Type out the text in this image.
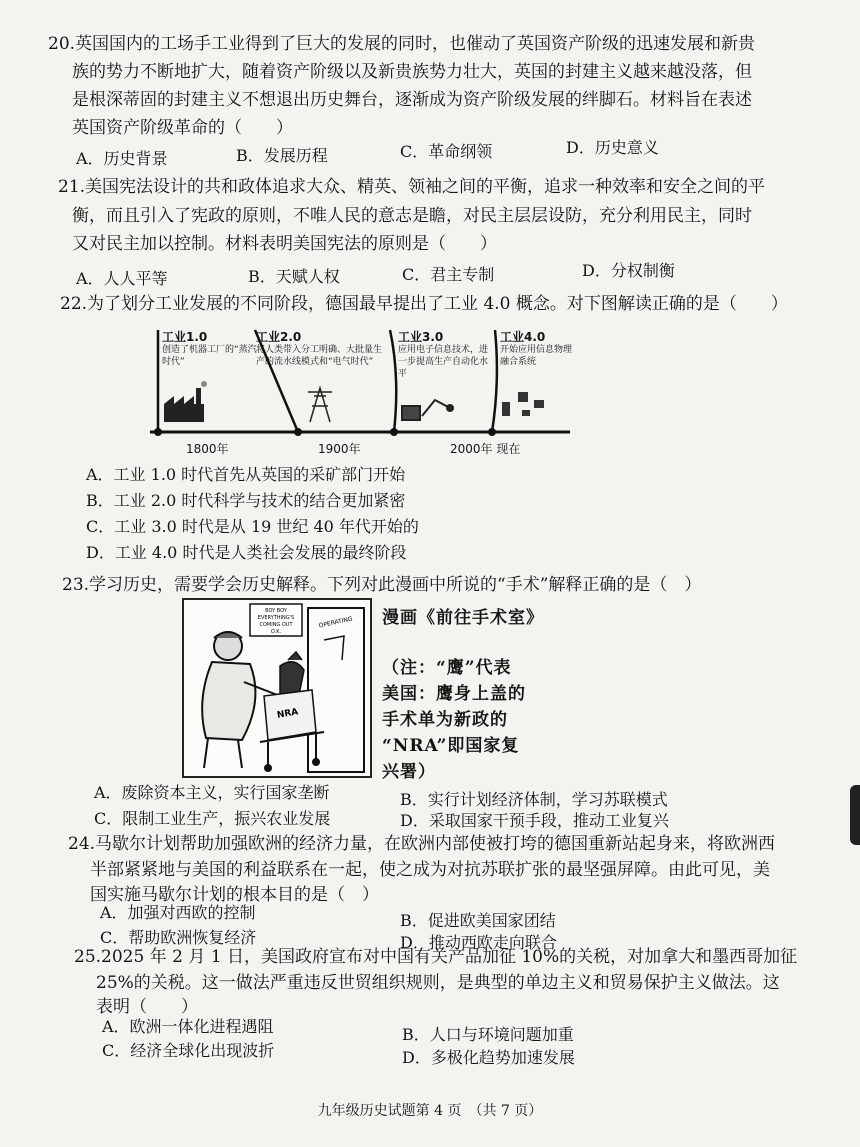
20.英国国内的工场手工业得到了巨大的发展的同时，也催动了英国资产阶级的迅速发展和新贵
族的势力不断地扩大，随着资产阶级以及新贵族势力壮大，英国的封建主义越来越没落，但
是根深蒂固的封建主义不想退出历史舞台，逐渐成为资产阶级发展的绊脚石。材料旨在表述
英国资产阶级革命的（　　）
A．历史背景	B．发展历程	C．革命纲领	D．历史意义
21.美国宪法设计的共和政体追求大众、精英、领袖之间的平衡，追求一种效率和安全之间的平
衡，而且引入了宪政的原则，不唯人民的意志是瞻，对民主层层设防，充分利用民主，同时
又对民主加以控制。材料表明美国宪法的原则是（　　）
A．人人平等	B．天赋人权	C．君主专制	D．分权制衡
22.为了划分工业发展的不同阶段，德国最早提出了工业 4.0 概念。对下图解读正确的是（　　）
工业1.0
创造了机器工厂的“蒸汽时代”
工业2.0
将人类带入分工明确、大批量生产的流水线模式和“电气时代”
工业3.0
应用电子信息技术，进一步提高生产自动化水平
工业4.0
开始应用信息物理融合系统
1800年	1900年	2000年 现在
A．工业 1.0 时代首先从英国的采矿部门开始
B．工业 2.0 时代科学与技术的结合更加紧密
C．工业 3.0 时代是从 19 世纪 40 年代开始的
D．工业 4.0 时代是人类社会发展的最终阶段
23.学习历史，需要学会历史解释。下列对此漫画中所说的“手术”解释正确的是（　）
BOY BOY
EVERYTHING'S
COMING OUT
O.K.
OPERATING
NRA
漫画《前往手术室》
（注：“鹰”代表
美国：鹰身上盖的
手术单为新政的
“NRA”即国家复
兴署）
A．废除资本主义，实行国家垄断	B．实行计划经济体制，学习苏联模式
C．限制工业生产，振兴农业发展	D．采取国家干预手段，推动工业复兴
24.马歇尔计划帮助加强欧洲的经济力量，在欧洲内部使被打垮的德国重新站起身来，将欧洲西
半部紧紧地与美国的利益联系在一起，使之成为对抗苏联扩张的最坚强屏障。由此可见，美
国实施马歇尔计划的根本目的是（　）
A．加强对西欧的控制	B．促进欧美国家团结
C．帮助欧洲恢复经济	D．推动西欧走向联合
25.2025 年 2 月 1 日，美国政府宣布对中国有关产品加征 10%的关税，对加拿大和墨西哥加征
25%的关税。这一做法严重违反世贸组织规则，是典型的单边主义和贸易保护主义做法。这
表明（　　）
A．欧洲一体化进程遇阻	B．人口与环境问题加重
C．经济全球化出现波折	D．多极化趋势加速发展
九年级历史试题第 4 页　（共 7 页）
